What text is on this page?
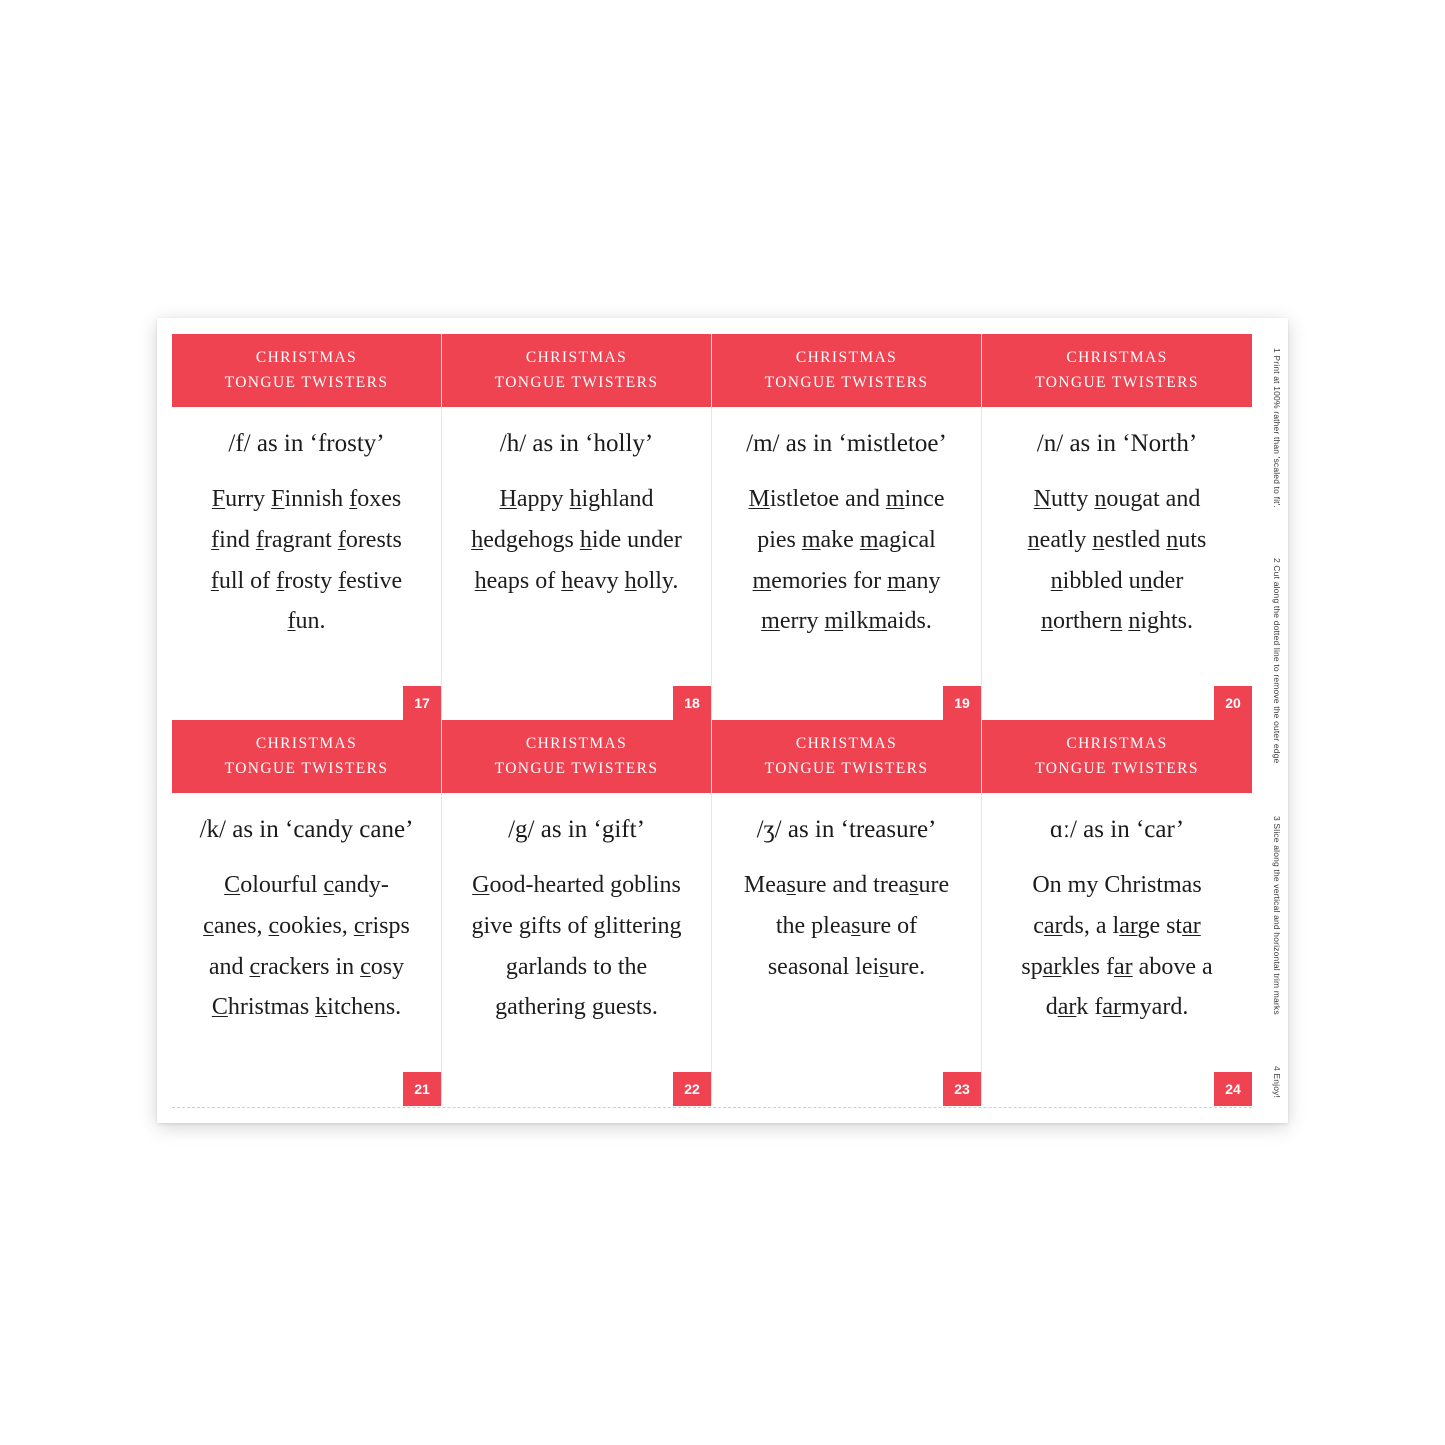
CHRISTMAS
TONGUE TWISTERS
/f/ as in ‘frosty’
Furry Finnish foxes find fragrant forests full of frosty festive fun.
17
CHRISTMAS
TONGUE TWISTERS
/h/ as in ‘holly’
Happy highland hedgehogs hide under heaps of heavy holly.
18
CHRISTMAS
TONGUE TWISTERS
/m/ as in ‘mistletoe’
Mistletoe and mince pies make magical memories for many merry milkmaids.
19
CHRISTMAS
TONGUE TWISTERS
/n/ as in ‘North’
Nutty nougat and neatly nestled nuts nibbled under northern nights.
20
CHRISTMAS
TONGUE TWISTERS
/k/ as in ‘candy cane’
Colourful candy-canes, cookies, crisps and crackers in cosy Christmas kitchens.
21
CHRISTMAS
TONGUE TWISTERS
/g/ as in ‘gift’
Good-hearted goblins give gifts of glittering garlands to the gathering guests.
22
CHRISTMAS
TONGUE TWISTERS
/ʒ/ as in ‘treasure’
Measure and treasure the pleasure of seasonal leisure.
23
CHRISTMAS
TONGUE TWISTERS
ɑː/ as in ‘car’
On my Christmas cards, a large star sparkles far above a dark farmyard.
24
1 Print at 100% rather than 'scaled to fit'.
2 Cut along the dotted line to remove the outer edge
3 Slice along the vertical and horizontal trim marks
4 Enjoy!
